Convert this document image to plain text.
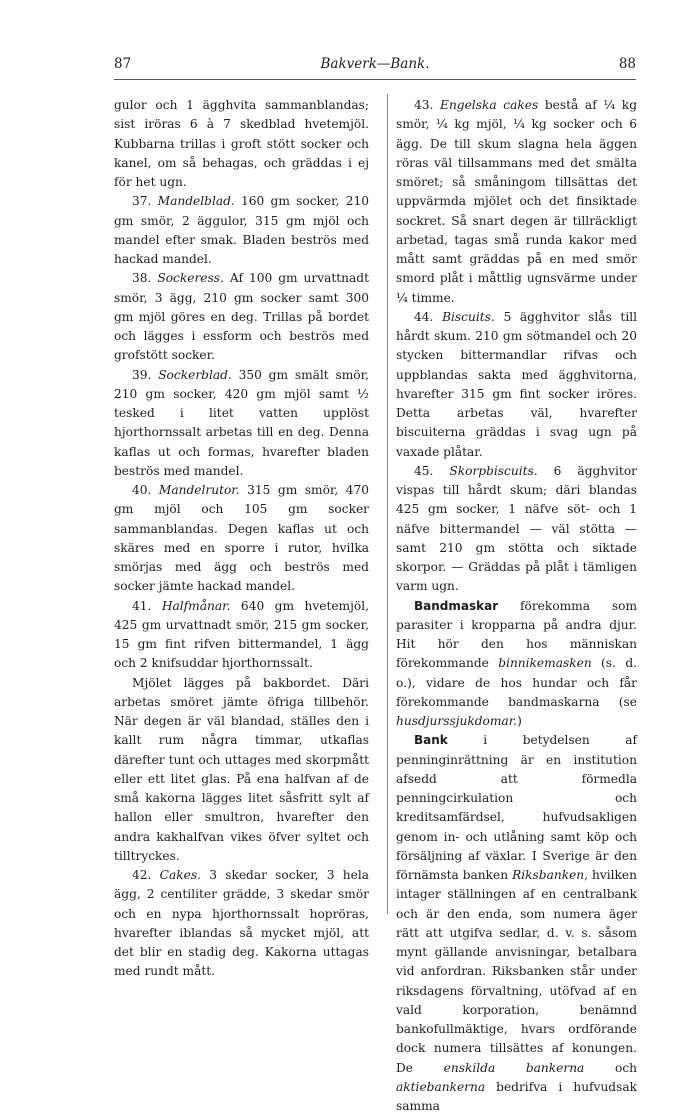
87	Bakverk—Bank.	88

gulor och 1 ägghvita sammanblandas; sist iröras 6 à 7 skedblad hvetemjöl. Kubbarna trillas i groft stött socker och kanel, om så behagas, och gräddas i ej för het ugn.

37. Mandelblad. 160 gm socker, 210 gm smör, 2 äggulor, 315 gm mjöl och mandel efter smak. Bladen beströs med hackad mandel.

38. Sockeress. Af 100 gm urvattnadt smör, 3 ägg, 210 gm socker samt 300 gm mjöl göres en deg. Trillas på bordet och lägges i essform och beströs med grofstött socker.

39. Sockerblad. 350 gm smält smör, 210 gm socker, 420 gm mjöl samt ½ tesked i litet vatten upplöst hjorthornssalt arbetas till en deg. Denna kaflas ut och formas, hvarefter bladen beströs med mandel.

40. Mandelrutor. 315 gm smör, 470 gm mjöl och 105 gm socker sammanblandas. Degen kaflas ut och skäres med en sporre i rutor, hvilka smörjas med ägg och beströs med socker jämte hackad mandel.

41. Halfmånar. 640 gm hvetemjöl, 425 gm urvattnadt smör, 215 gm socker, 15 gm fint rifven bittermandel, 1 ägg och 2 knifsuddar hjorthornssalt.

Mjölet lägges på bakbordet. Däri arbetas smöret jämte öfriga tillbehör. När degen är väl blandad, ställes den i kallt rum några timmar, utkaflas därefter tunt och uttages med skorpmått eller ett litet glas. På ena halfvan af de små kakorna lägges litet såsfritt sylt af hallon eller smultron, hvarefter den andra kakhalfvan vikes öfver syltet och tilltryckes.

42. Cakes. 3 skedar socker, 3 hela ägg, 2 centiliter grädde, 3 skedar smör och en nypa hjorthornssalt hopröras, hvarefter iblandas så mycket mjöl, att det blir en stadig deg. Kakorna uttagas med rundt mått.

43. Engelska cakes bestå af ¼ kg smör, ¼ kg mjöl, ¼ kg socker och 6 ägg. De till skum slagna hela äggen röras väl tillsammans med det smälta smöret; så småningom tillsättas det uppvärmda mjölet och det finsiktade sockret. Så snart degen är tillräckligt arbetad, tagas små runda kakor med mått samt gräddas på en med smör smord plåt i måttlig ugnsvärme under ¼ timme.

44. Biscuits. 5 ägghvitor slås till hårdt skum. 210 gm sötmandel och 20 stycken bittermandlar rifvas och uppblandas sakta med ägghvitorna, hvarefter 315 gm fint socker iröres. Detta arbetas väl, hvarefter biscuiterna gräddas i svag ugn på vaxade plåtar.

45. Skorpbiscuits. 6 ägghvitor vispas till hårdt skum; däri blandas 425 gm socker, 1 näfve söt- och 1 näfve bittermandel — väl stötta — samt 210 gm stötta och siktade skorpor. — Gräddas på plåt i tämligen varm ugn.

Bandmaskar förekomma som parasiter i kropparna på andra djur. Hit hör den hos människan förekommande binnikemasken (s. d. o.), vidare de hos hundar och får förekommande bandmaskarna (se husdjurssjukdomar.)

Bank i betydelsen af penninginrättning är en institution afsedd att förmedla penningcirkulation och kreditsamfärdsel, hufvudsakligen genom in- och utlåning samt köp och försäljning af växlar. I Sverige är den förnämsta banken Riksbanken, hvilken intager ställningen af en centralbank och är den enda, som numera äger rätt att utgifva sedlar, d. v. s. såsom mynt gällande anvisningar, betalbara vid anfordran. Riksbanken står under riksdagens förvaltning, utöfvad af en vald korporation, benämnd bankofullmäktige, hvars ordförande dock numera tillsättes af konungen. De enskilda bankerna och aktiebankerna bedrifva i hufvudsak samma
